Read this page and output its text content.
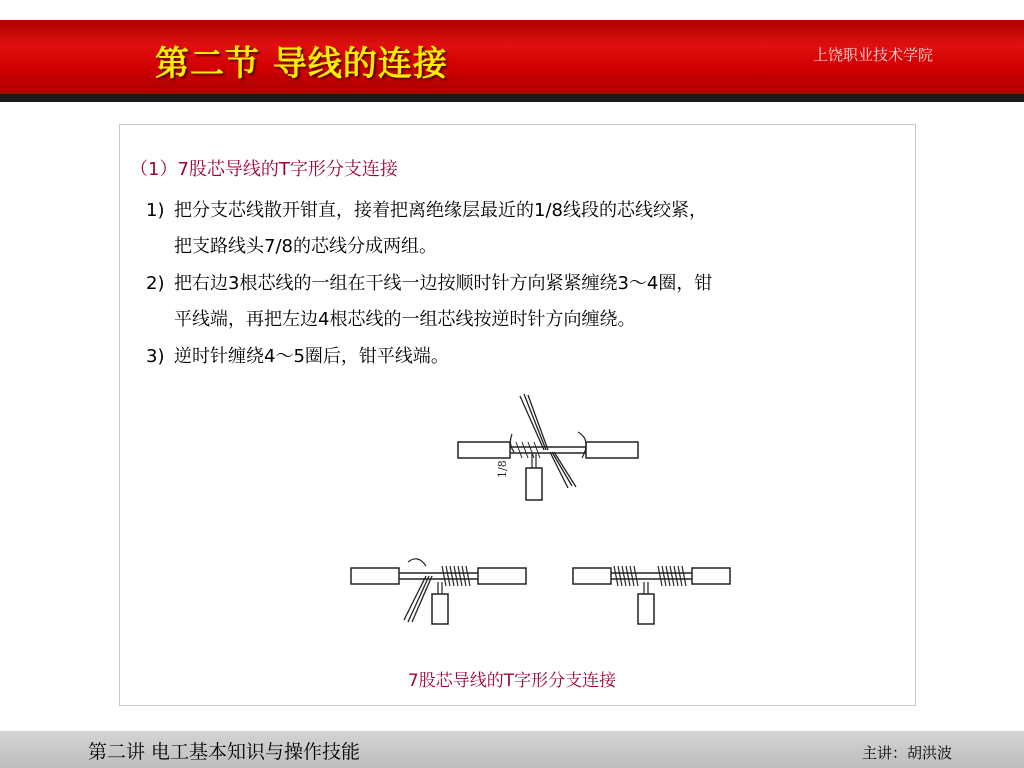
第二节 导线的连接	上饶职业技术学院
（1）7股芯导线的T字形分支连接
1) 把分支芯线散开钳直，接着把离绝缘层最近的1/8线段的芯线绞紧，
把支路线头7/8的芯线分成两组。
2) 把右边3根芯线的一组在干线一边按顺时针方向紧紧缠绕3～4圈，钳
平线端，再把左边4根芯线的一组芯线按逆时针方向缠绕。
3) 逆时针缠绕4～5圈后，钳平线端。
1/8
7股芯导线的T字形分支连接
第二讲 电工基本知识与操作技能	主讲：胡洪波
